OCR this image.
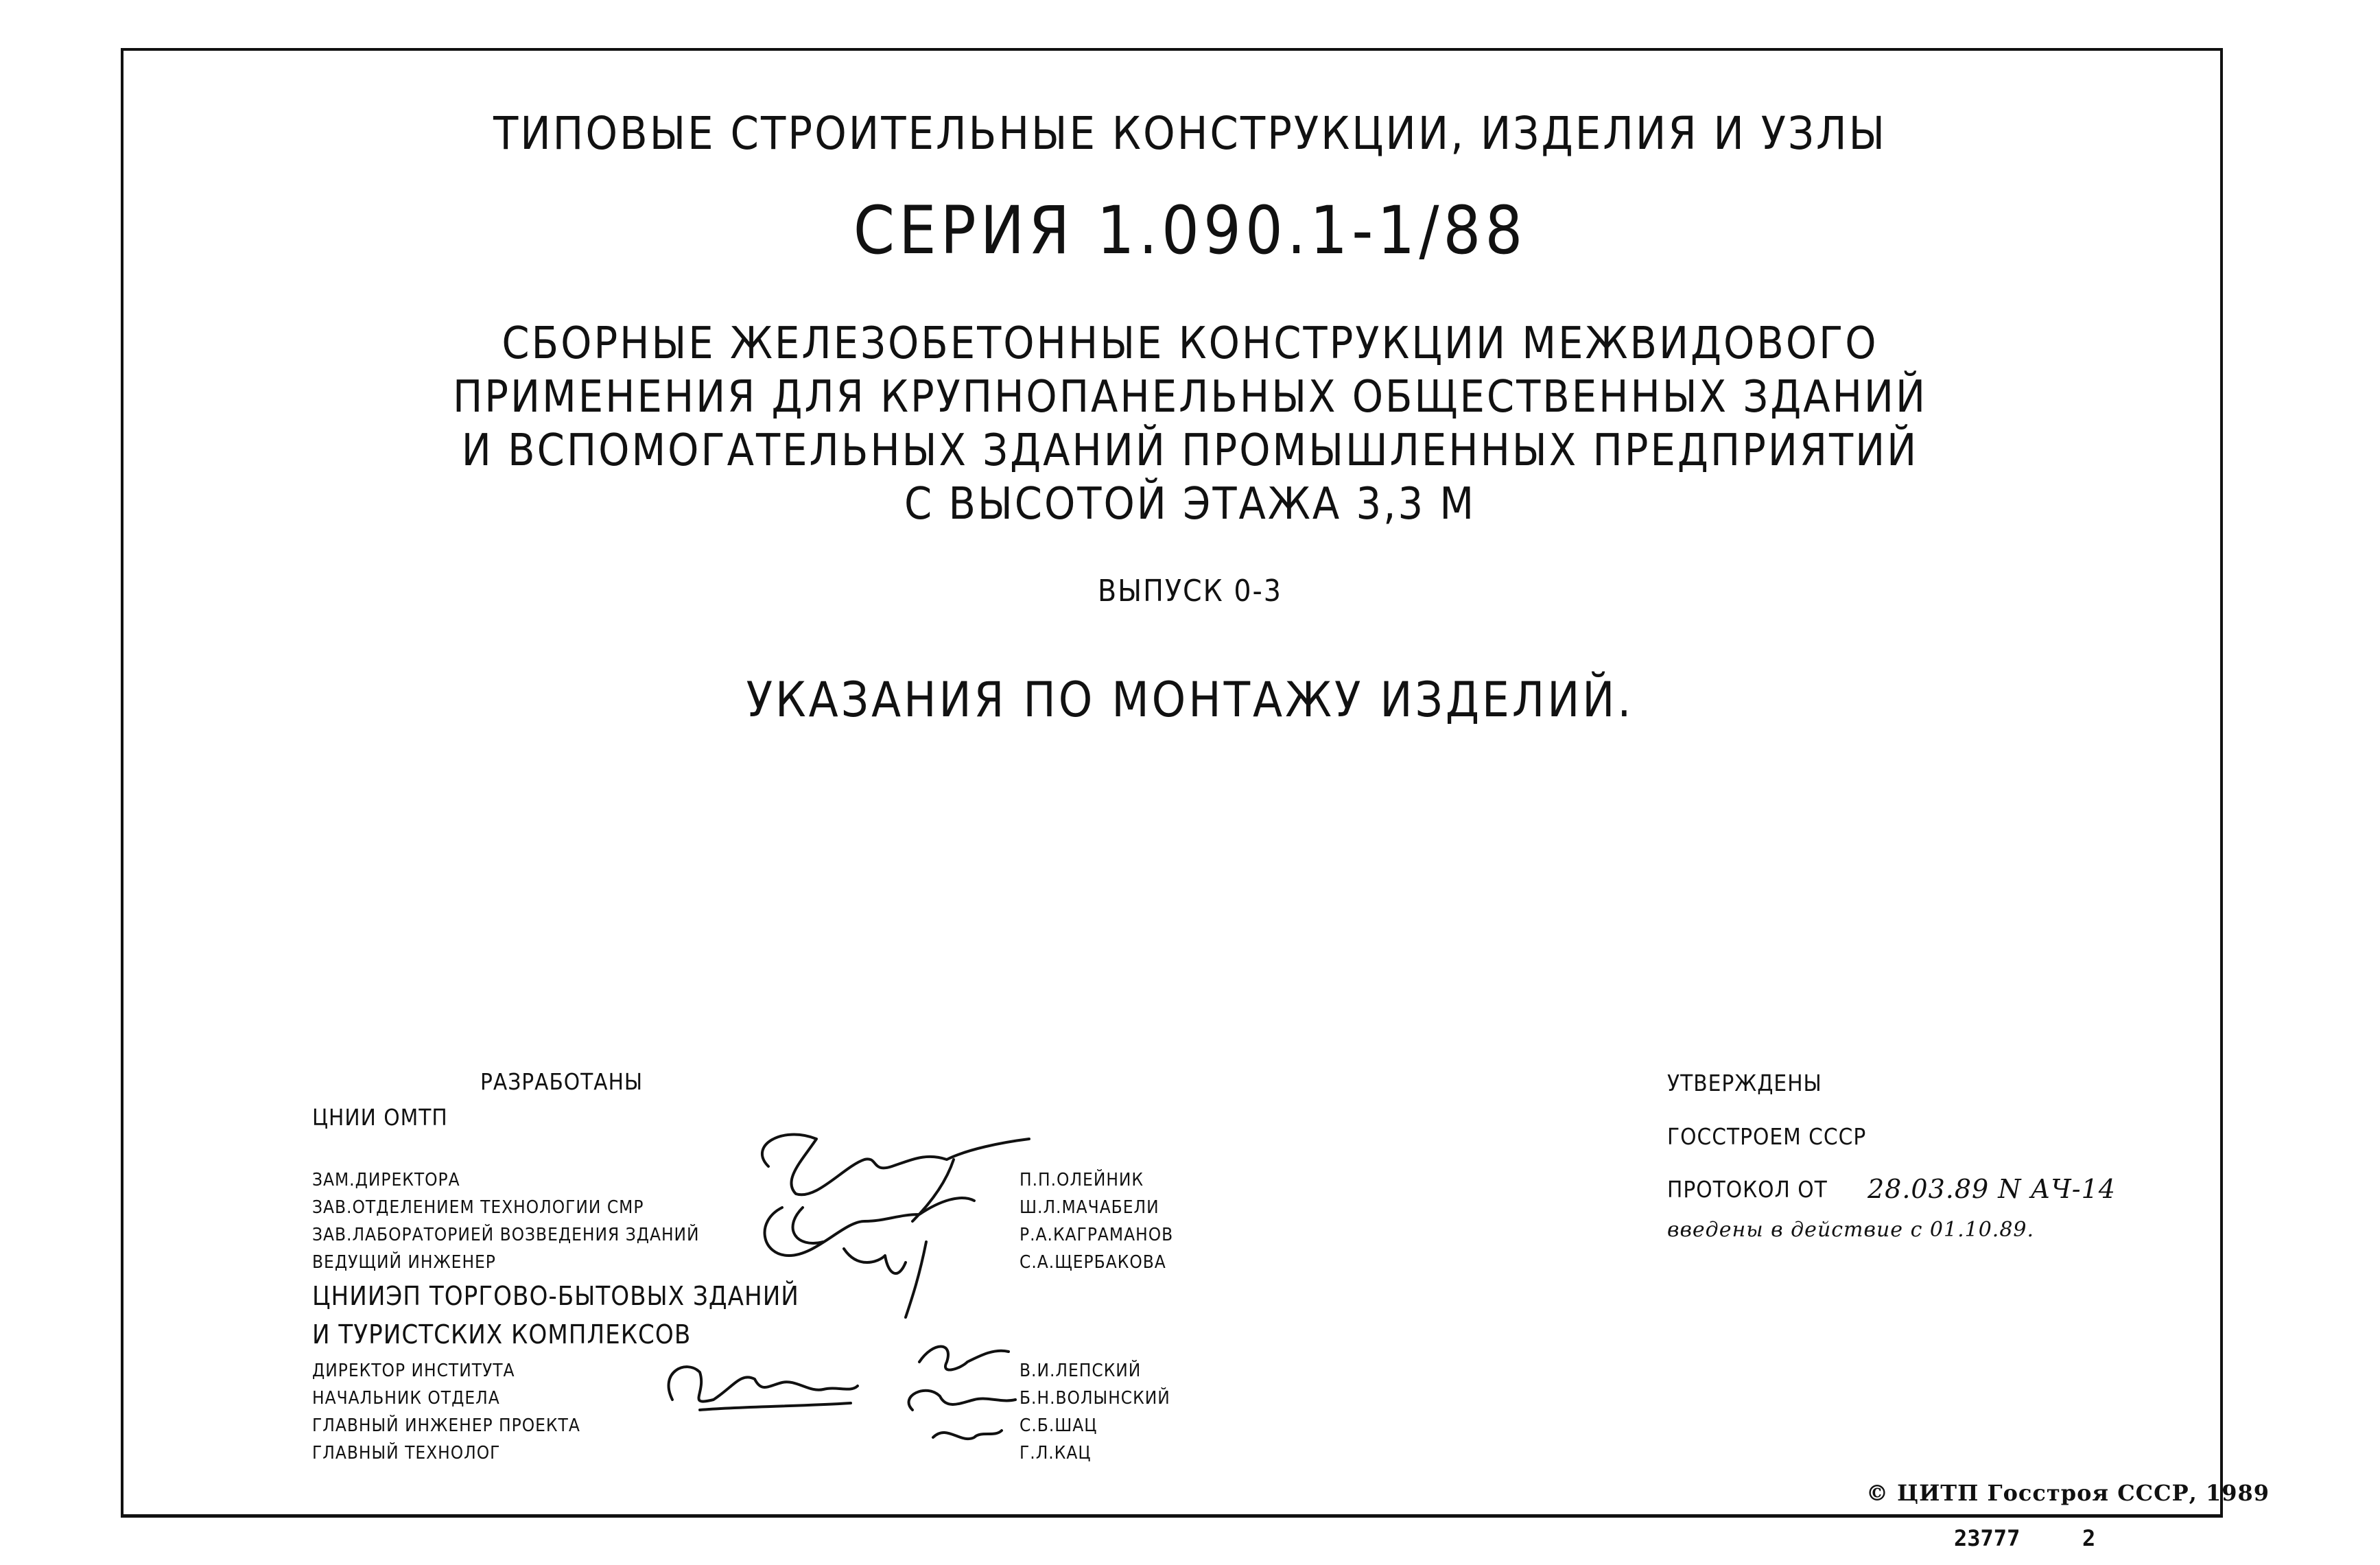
ТИПОВЫЕ СТРОИТЕЛЬНЫЕ КОНСТРУКЦИИ, ИЗДЕЛИЯ И УЗЛЫ
СЕРИЯ 1.090.1-1/88
СБОРНЫЕ ЖЕЛЕЗОБЕТОННЫЕ КОНСТРУКЦИИ МЕЖВИДОВОГО
ПРИМЕНЕНИЯ ДЛЯ КРУПНОПАНЕЛЬНЫХ ОБЩЕСТВЕННЫХ ЗДАНИЙ
И ВСПОМОГАТЕЛЬНЫХ ЗДАНИЙ ПРОМЫШЛЕННЫХ ПРЕДПРИЯТИЙ
С ВЫСОТОЙ ЭТАЖА 3,3 М
ВЫПУСК 0-3
УКАЗАНИЯ ПО МОНТАЖУ ИЗДЕЛИЙ.
РАЗРАБОТАНЫ
ЦНИИ ОМТП
ЗАМ.ДИРЕКТОРА
ЗАВ.ОТДЕЛЕНИЕМ ТЕХНОЛОГИИ СМР
ЗАВ.ЛАБОРАТОРИЕЙ ВОЗВЕДЕНИЯ ЗДАНИЙ
ВЕДУЩИЙ ИНЖЕНЕР
П.П.ОЛЕЙНИК
Ш.Л.МАЧАБЕЛИ
Р.А.КАГРАМАНОВ
С.А.ЩЕРБАКОВА
ЦНИИЭП ТОРГОВО-БЫТОВЫХ ЗДАНИЙ
И ТУРИСТСКИХ КОМПЛЕКСОВ
ДИРЕКТОР ИНСТИТУТА
НАЧАЛЬНИК ОТДЕЛА
ГЛАВНЫЙ ИНЖЕНЕР ПРОЕКТА
ГЛАВНЫЙ ТЕХНОЛОГ
В.И.ЛЕПСКИЙ
Б.Н.ВОЛЫНСКИЙ
С.Б.ШАЦ
Г.Л.КАЦ
УТВЕРЖДЕНЫ
ГОССТРОЕМ СССР
ПРОТОКОЛ ОТ 28.03.89 N АЧ-14
введены в действие с 01.10.89.
© ЦИТП Госстроя СССР, 1989
23777	2
